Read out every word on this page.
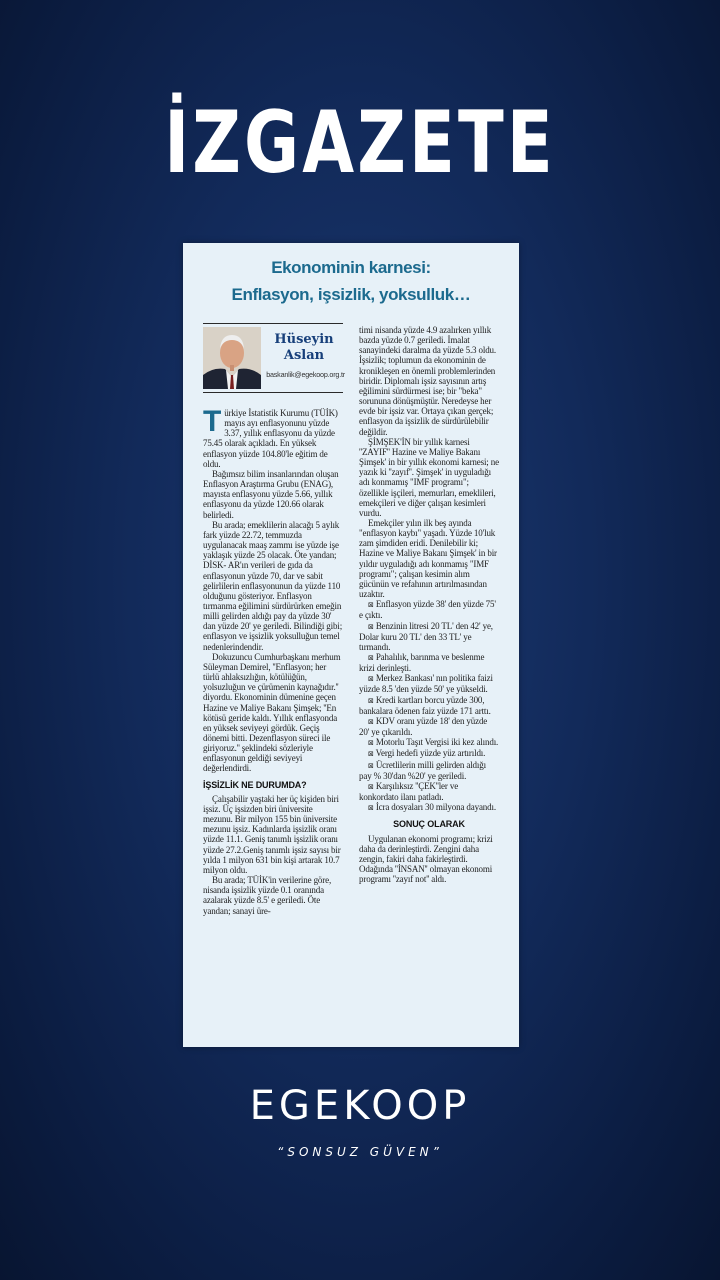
İZGAZETE
Ekonominin karnesi:
Enflasyon, işsizlik, yoksulluk…
Hüseyin
Aslan
baskanlik@egekoop.org.tr

Türkiye İstatistik Kurumu (TÜİK) mayıs ayı enflasyonunu yüzde 3.37, yıllık enflasyonu da yüzde 75.45 olarak açıkladı. En yüksek enflasyon yüzde 104.80'le eğitim de oldu.

Bağımsız bilim insanlarından oluşan Enflasyon Araştırma Grubu (ENAG), mayısta enflasyonu yüzde 5.66, yıllık enflasyonu da yüzde 120.66 olarak belirledi.

Bu arada; emeklilerin alacağı 5 aylık fark yüzde 22.72, temmuzda uygulanacak maaş zammı ise yüzde işe yaklaşık yüzde 25 olacak. Öte yandan; DİSK- AR'ın verileri de gıda da enflasyonun yüzde 70, dar ve sabit gelirlilerin enflasyonunun da yüzde 110 olduğunu gösteriyor. Enflasyon tırmanma eğilimini sürdürürken emeğin milli gelirden aldığı pay da yüzde 30' dan yüzde 20' ye geriledi. Bilindiği gibi; enflasyon ve işsizlik yoksulluğun temel nedenlerindendir.

Dokuzuncu Cumhurbaşkanı merhum Süleyman Demirel, ''Enflasyon; her türlü ahlaksızlığın, kötülüğün, yolsuzluğun ve çürümenin kaynağıdır.'' diyordu. Ekonominin dümenine geçen Hazine ve Maliye Bakanı Şimşek; ''En kötüsü geride kaldı. Yıllık enflasyonda en yüksek seviyeyi gördük. Geçiş dönemi bitti. Dezenflasyon süreci ile giriyoruz.'' şeklindeki sözleriyle enflasyonun geldiği seviyeyi değerlendirdi.

İŞSİZLİK NE DURUMDA?

Çalışabilir yaştaki her üç kişiden biri işsiz. Üç işsizden biri üniversite mezunu. Bir milyon 155 bin üniversite mezunu işsiz. Kadınlarda işsizlik oranı yüzde 11.1. Geniş tanımlı işsizlik oranı yüzde 27.2.Geniş tanımlı işsiz sayısı bir yılda 1 milyon 631 bin kişi artarak 10.7 milyon oldu.

Bu arada; TÜİK'in verilerine göre, nisanda işsizlik yüzde 0.1 oranında azalarak yüzde 8.5' e geriledi. Öte yandan; sanayi üre-

timi nisanda yüzde 4.9 azalırken yıllık bazda yüzde 0.7 geriledi. İmalat sanayindeki daralma da yüzde 5.3 oldu. İşsizlik; toplumun da ekonominin de kronikleşen en önemli problemlerinden biridir. Diplomalı işsiz sayısının artış eğilimini sürdürmesi ise; bir "beka" sorununa dönüşmüştür. Neredeyse her evde bir işsiz var. Ortaya çıkan gerçek; enflasyon da işsizlik de sürdürülebilir değildir.

ŞİMŞEK'İN bir yıllık karnesi ''ZAYIF'' Hazine ve Maliye Bakanı Şimşek' in bir yıllık ekonomi karnesi; ne yazık ki ''zayıf''. Şimşek' in uyguladığı adı konmamış "IMF programı"; özellikle işçileri, memurları, emeklileri, emekçileri ve diğer çalışan kesimleri vurdu.

Emekçiler yılın ilk beş ayında "enflasyon kaybı" yaşadı. Yüzde 10'luk zam şimdiden eridi. Denilebilir ki; Hazine ve Maliye Bakanı Şimşek' in bir yıldır uyguladığı adı konmamış "IMF programı"; çalışan kesimin alım gücünün ve refahının artırılmasından uzaktır.

⊠ Enflasyon yüzde 38' den yüzde 75' e çıktı.

⊠ Benzinin litresi 20 TL' den 42' ye, Dolar kuru 20 TL' den 33 TL' ye tırmandı.

⊠ Pahalılık, barınma ve beslenme krizi derinleşti.

⊠ Merkez Bankası' nın politika faizi yüzde 8.5 'den yüzde 50' ye yükseldi.

⊠ Kredi kartları borcu yüzde 300, bankalara ödenen faiz yüzde 171 arttı.

⊠ KDV oranı yüzde 18' den yüzde 20' ye çıkarıldı.

⊠ Motorlu Taşıt Vergisi iki kez alındı.

⊠ Vergi hedefi yüzde yüz artırıldı.

⊠ Ücretlilerin milli gelirden aldığı pay % 30'dan %20' ye geriledi.

⊠ Karşılıksız ''ÇEK''ler ve konkordato ilanı patladı.

⊠ İcra dosyaları 30 milyona dayandı.

SONUÇ OLARAK

Uygulanan ekonomi programı; krizi daha da derinleştirdi. Zengini daha zengin, fakiri daha fakirleştirdi. Odağında ''İNSAN'' olmayan ekonomi programı ''zayıf not'' aldı.

EGEKOOP
“SONSUZ GÜVEN”
